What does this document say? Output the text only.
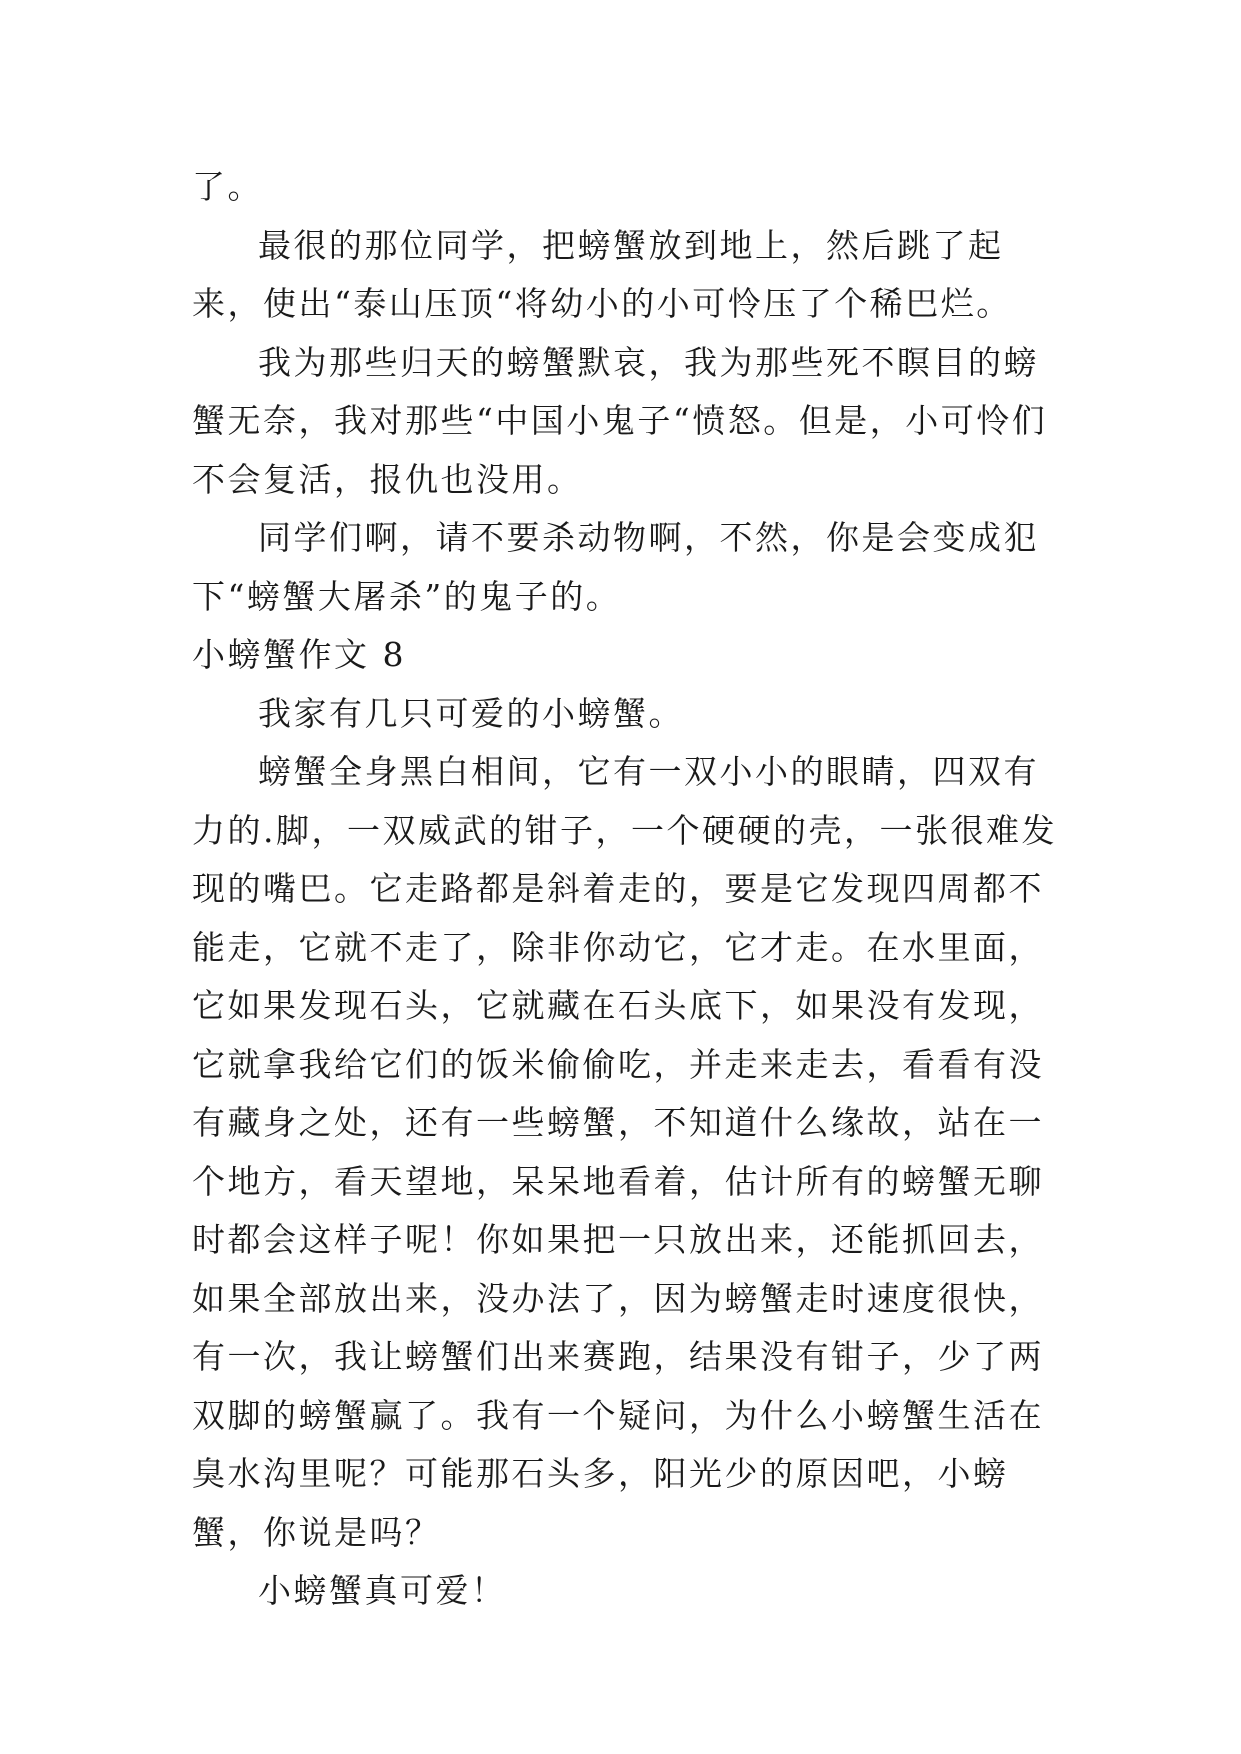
了。

最很的那位同学，把螃蟹放到地上，然后跳了起来，使出“泰山压顶“将幼小的小可怜压了个稀巴烂。

我为那些归天的螃蟹默哀，我为那些死不瞑目的螃蟹无奈，我对那些“中国小鬼子“愤怒。但是，小可怜们不会复活，报仇也没用。

同学们啊，请不要杀动物啊，不然，你是会变成犯下“螃蟹大屠杀”的鬼子的。

小螃蟹作文 8

我家有几只可爱的小螃蟹。

螃蟹全身黑白相间，它有一双小小的眼睛，四双有力的.脚，一双威武的钳子，一个硬硬的壳，一张很难发现的嘴巴。它走路都是斜着走的，要是它发现四周都不能走，它就不走了，除非你动它，它才走。在水里面，它如果发现石头，它就藏在石头底下，如果没有发现，它就拿我给它们的饭米偷偷吃，并走来走去，看看有没有藏身之处，还有一些螃蟹，不知道什么缘故，站在一个地方，看天望地，呆呆地看着，估计所有的螃蟹无聊时都会这样子呢！你如果把一只放出来，还能抓回去，如果全部放出来，没办法了，因为螃蟹走时速度很快，有一次，我让螃蟹们出来赛跑，结果没有钳子，少了两双脚的螃蟹赢了。我有一个疑问，为什么小螃蟹生活在臭水沟里呢？可能那石头多，阳光少的原因吧，小螃蟹，你说是吗？

小螃蟹真可爱！
